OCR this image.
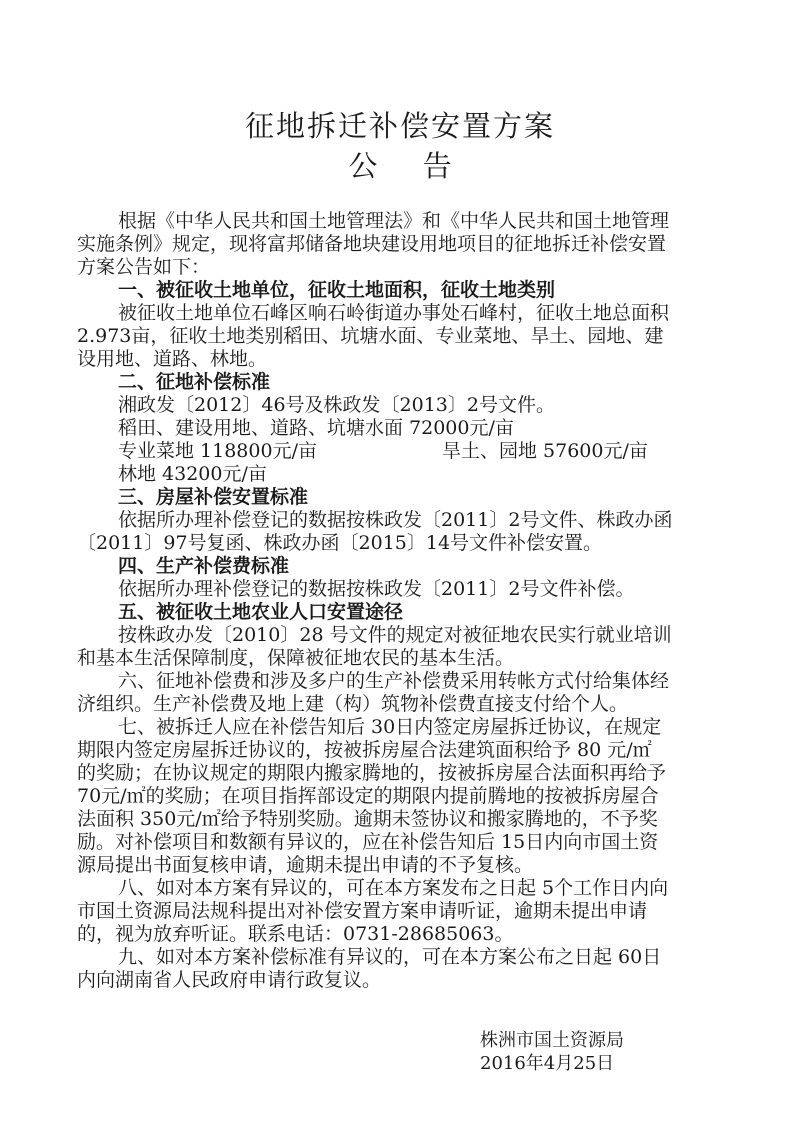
征地拆迁补偿安置方案
公 告
根据《中华人民共和国土地管理法》和《中华人民共和国土地管理
实施条例》规定，现将富邦储备地块建设用地项目的征地拆迁补偿安置
方案公告如下：
一、被征收土地单位，征收土地面积，征收土地类别
被征收土地单位石峰区响石岭街道办事处石峰村，征收土地总面积
2.973亩，征收土地类别稻田、坑塘水面、专业菜地、旱土、园地、建
设用地、道路、林地。
二、征地补偿标准
湘政发〔2012〕46号及株政发〔2013〕2号文件。
稻田、建设用地、道路、坑塘水面 72000元/亩
专业菜地 118800元/亩	旱土、园地 57600元/亩
林地 43200元/亩
三、房屋补偿安置标准
依据所办理补偿登记的数据按株政发〔2011〕2号文件、株政办函
〔2011〕97号复函、株政办函〔2015〕14号文件补偿安置。
四、生产补偿费标准
依据所办理补偿登记的数据按株政发〔2011〕2号文件补偿。
五、被征收土地农业人口安置途径
按株政办发〔2010〕28 号文件的规定对被征地农民实行就业培训
和基本生活保障制度，保障被征地农民的基本生活。
六、征地补偿费和涉及多户的生产补偿费采用转帐方式付给集体经
济组织。生产补偿费及地上建（构）筑物补偿费直接支付给个人。
七、被拆迁人应在补偿告知后 30日内签定房屋拆迁协议，在规定
期限内签定房屋拆迁协议的，按被拆房屋合法建筑面积给予 80 元/㎡
的奖励；在协议规定的期限内搬家腾地的，按被拆房屋合法面积再给予
70元/㎡的奖励；在项目指挥部设定的期限内提前腾地的按被拆房屋合
法面积 350元/㎡给予特别奖励。逾期未签协议和搬家腾地的，不予奖
励。对补偿项目和数额有异议的，应在补偿告知后 15日内向市国土资
源局提出书面复核申请，逾期未提出申请的不予复核。
八、如对本方案有异议的，可在本方案发布之日起 5个工作日内向
市国土资源局法规科提出对补偿安置方案申请听证，逾期未提出申请
的，视为放弃听证。联系电话：0731-28685063。
九、如对本方案补偿标准有异议的，可在本方案公布之日起 60日
内向湖南省人民政府申请行政复议。
株洲市国土资源局
2016年4月25日
